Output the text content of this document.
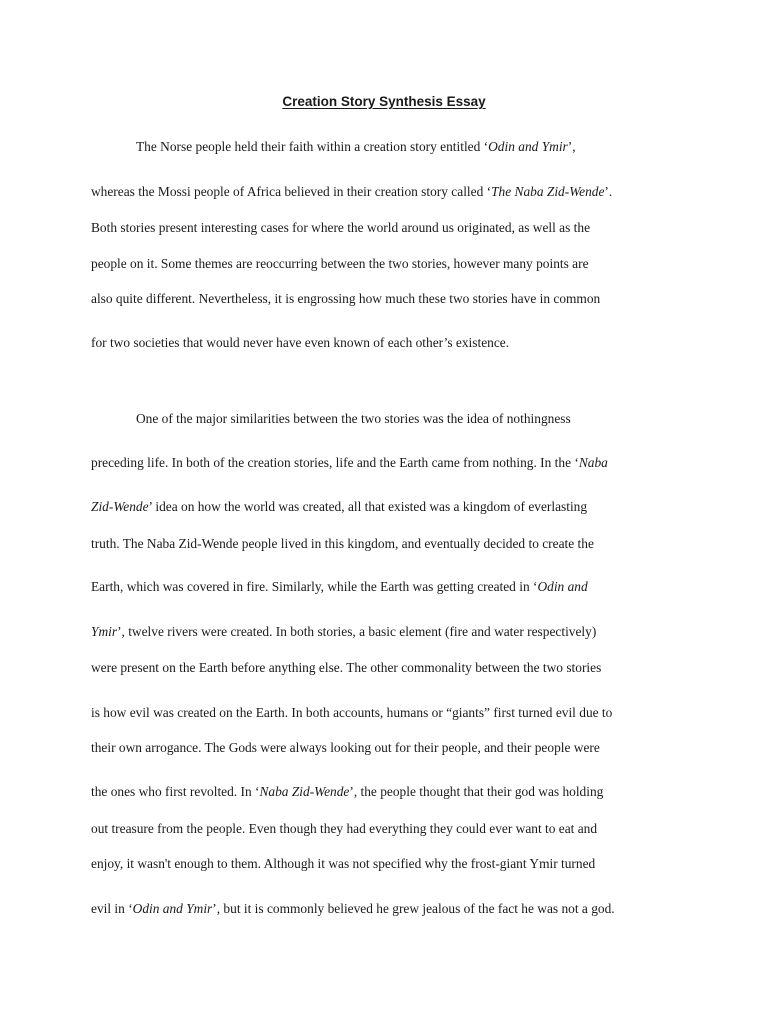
Creation Story Synthesis Essay
The Norse people held their faith within a creation story entitled ‘Odin and Ymir’,
whereas the Mossi people of Africa believed in their creation story called ‘The Naba Zid-Wende’.
Both stories present interesting cases for where the world around us originated, as well as the
people on it. Some themes are reoccurring between the two stories, however many points are
also quite different. Nevertheless, it is engrossing how much these two stories have in common
for two societies that would never have even known of each other’s existence.
One of the major similarities between the two stories was the idea of nothingness
preceding life. In both of the creation stories, life and the Earth came from nothing. In the ‘Naba
Zid-Wende’ idea on how the world was created, all that existed was a kingdom of everlasting
truth. The Naba Zid-Wende people lived in this kingdom, and eventually decided to create the
Earth, which was covered in fire. Similarly, while the Earth was getting created in ‘Odin and
Ymir’, twelve rivers were created. In both stories, a basic element (fire and water respectively)
were present on the Earth before anything else. The other commonality between the two stories
is how evil was created on the Earth. In both accounts, humans or “giants” first turned evil due to
their own arrogance. The Gods were always looking out for their people, and their people were
the ones who first revolted. In ‘Naba Zid-Wende’, the people thought that their god was holding
out treasure from the people. Even though they had everything they could ever want to eat and
enjoy, it wasn't enough to them. Although it was not specified why the frost-giant Ymir turned
evil in ‘Odin and Ymir’, but it is commonly believed he grew jealous of the fact he was not a god.
